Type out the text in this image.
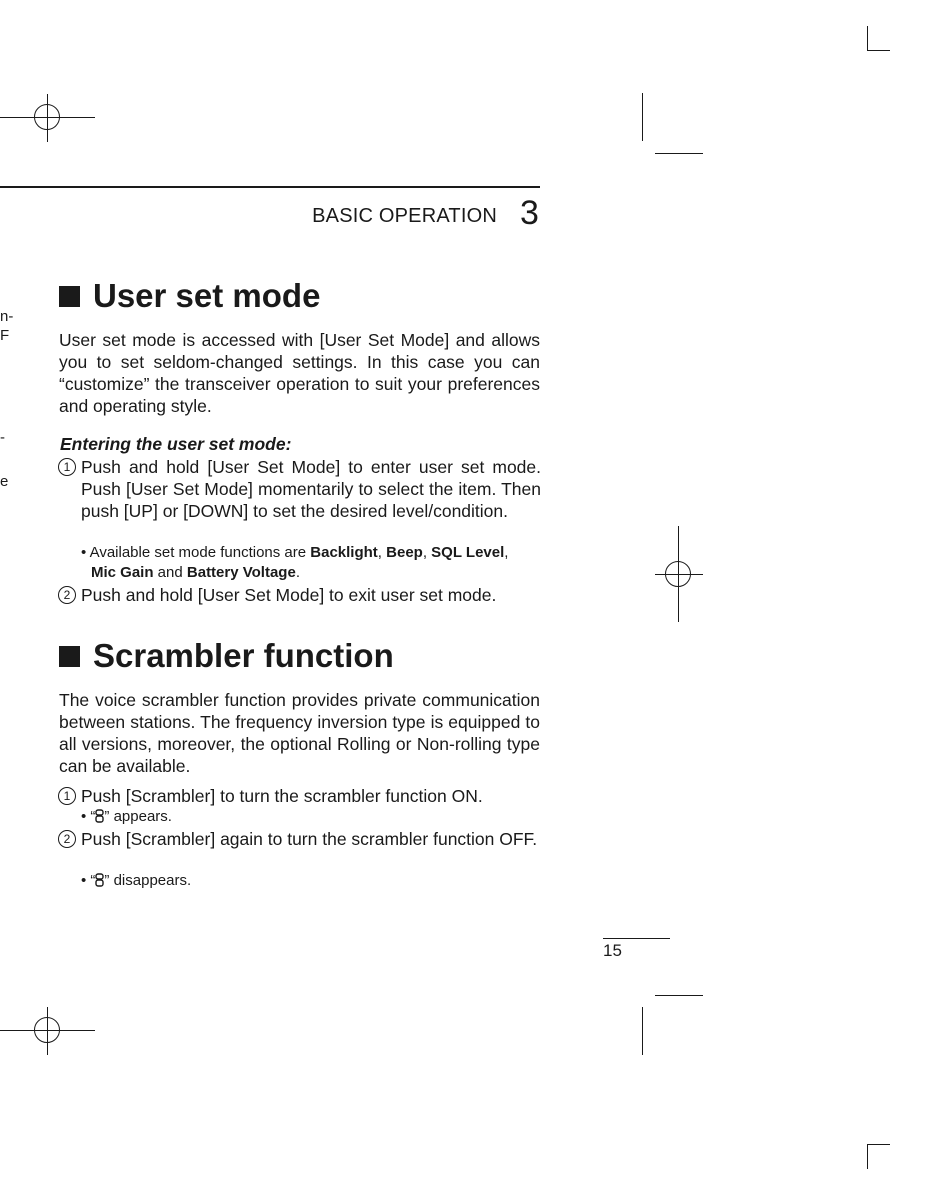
n-
F
-
e
BASIC OPERATION 3
User set mode
User set mode is accessed with [User Set Mode] and allows you to set seldom-changed settings. In this case you can “customize” the transceiver operation to suit your preferences and operating style.
Entering the user set mode:
1 Push and hold [User Set Mode] to enter user set mode. Push [User Set Mode] momentarily to select the item. Then push [UP] or [DOWN] to set the desired level/condition.
• Available set mode functions are Backlight, Beep, SQL Level,
Mic Gain and Battery Voltage.
2 Push and hold [User Set Mode] to exit user set mode.
Scrambler function
The voice scrambler function provides private communication between stations. The frequency inversion type is equipped to all versions, moreover, the optional Rolling or Non-rolling type can be available.
1 Push [Scrambler] to turn the scrambler function ON.
• “ ” appears.
2 Push [Scrambler] again to turn the scrambler function OFF.
• “ ” disappears.
15
